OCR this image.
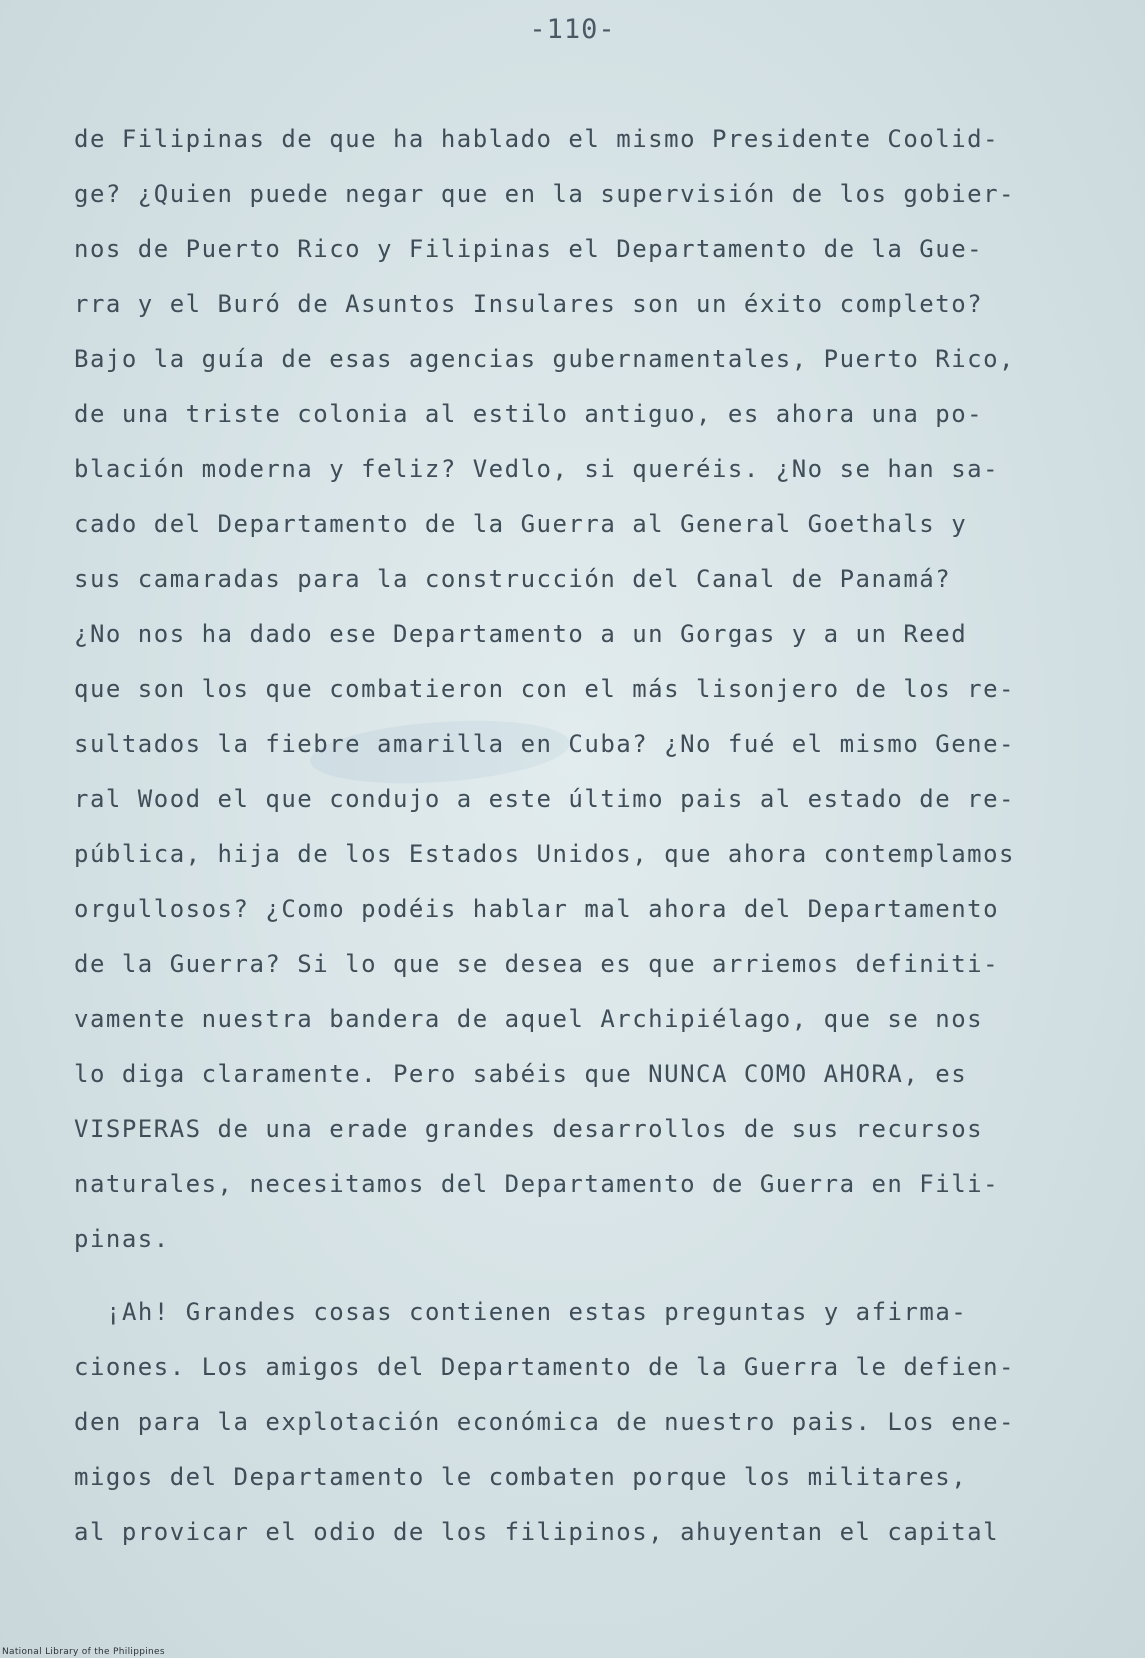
-110-
de Filipinas de que ha hablado el mismo Presidente Coolid-
ge? ¿Quien puede negar que en la supervisión de los gobier-
nos de Puerto Rico y Filipinas el Departamento de la Gue-
rra y el Buró de Asuntos Insulares son un éxito completo?
Bajo la guía de esas agencias gubernamentales, Puerto Rico,
de una triste colonia al estilo antiguo, es ahora una po-
blación moderna y feliz? Vedlo, si queréis. ¿No se han sa-
cado del Departamento de la Guerra al General Goethals y
sus camaradas para la construcción del Canal de Panamá?
¿No nos ha dado ese Departamento a un Gorgas y a un Reed
que son los que combatieron con el más lisonjero de los re-
sultados la fiebre amarilla en Cuba? ¿No fué el mismo Gene-
ral Wood el que condujo a este último pais al estado de re-
pública, hija de los Estados Unidos, que ahora contemplamos
orgullosos? ¿Como podéis hablar mal ahora del Departamento
de la Guerra? Si lo que se desea es que arriemos definiti-
vamente nuestra bandera de aquel Archipiélago, que se nos
lo diga claramente. Pero sabéis que NUNCA COMO AHORA, es
VISPERAS de una erade grandes desarrollos de sus recursos
naturales, necesitamos del Departamento de Guerra en Fili-
pinas.
¡Ah! Grandes cosas contienen estas preguntas y afirma-
ciones. Los amigos del Departamento de la Guerra le defien-
den para la explotación económica de nuestro pais. Los ene-
migos del Departamento le combaten porque los militares,
al provicar el odio de los filipinos, ahuyentan el capital
National Library of the Philippines
